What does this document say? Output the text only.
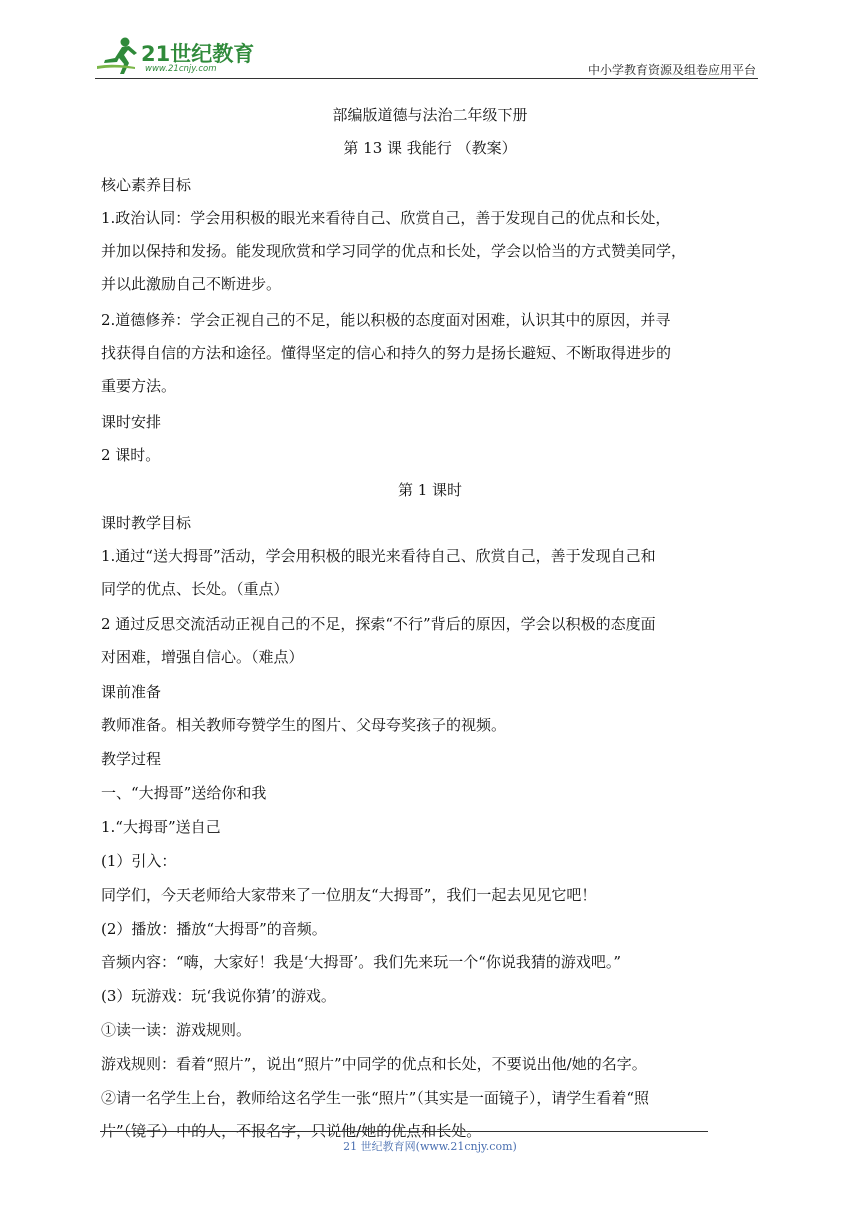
21世纪教育
www.21cnjy.com	中小学教育资源及组卷应用平台
部编版道德与法治二年级下册
第 13 课 我能行 （教案）
核心素养目标
1.政治认同：学会用积极的眼光来看待自己、欣赏自己，善于发现自己的优点和长处，
并加以保持和发扬。能发现欣赏和学习同学的优点和长处，学会以恰当的方式赞美同学，
并以此激励自己不断进步。
2.道德修养：学会正视自己的不足，能以积极的态度面对困难，认识其中的原因，并寻
找获得自信的方法和途径。懂得坚定的信心和持久的努力是扬长避短、不断取得进步的
重要方法。
课时安排
2 课时。
第 1 课时
课时教学目标
1.通过“送大拇哥”活动，学会用积极的眼光来看待自己、欣赏自己，善于发现自己和
同学的优点、长处。（重点）
2 通过反思交流活动正视自己的不足，探索“不行”背后的原因，学会以积极的态度面
对困难，增强自信心。（难点）
课前准备
教师准备。相关教师夸赞学生的图片、父母夸奖孩子的视频。
教学过程
一、“大拇哥”送给你和我
1.“大拇哥”送自己
(1）引入：
同学们，今天老师给大家带来了一位朋友“大拇哥”，我们一起去见见它吧！
(2）播放：播放“大拇哥”的音频。
音频内容：“嗨，大家好！我是‘大拇哥’。我们先来玩一个“你说我猜的游戏吧。”
(3）玩游戏：玩‘我说你猜’的游戏。
①读一读：游戏规则。
游戏规则：看着“照片”，说出“照片”中同学的优点和长处，不要说出他/她的名字。
②请一名学生上台，教师给这名学生一张“照片”（其实是一面镜子），请学生看着“照
片”（镜子）中的人，不报名字，只说他/她的优点和长处。
21 世纪教育网(www.21cnjy.com)
